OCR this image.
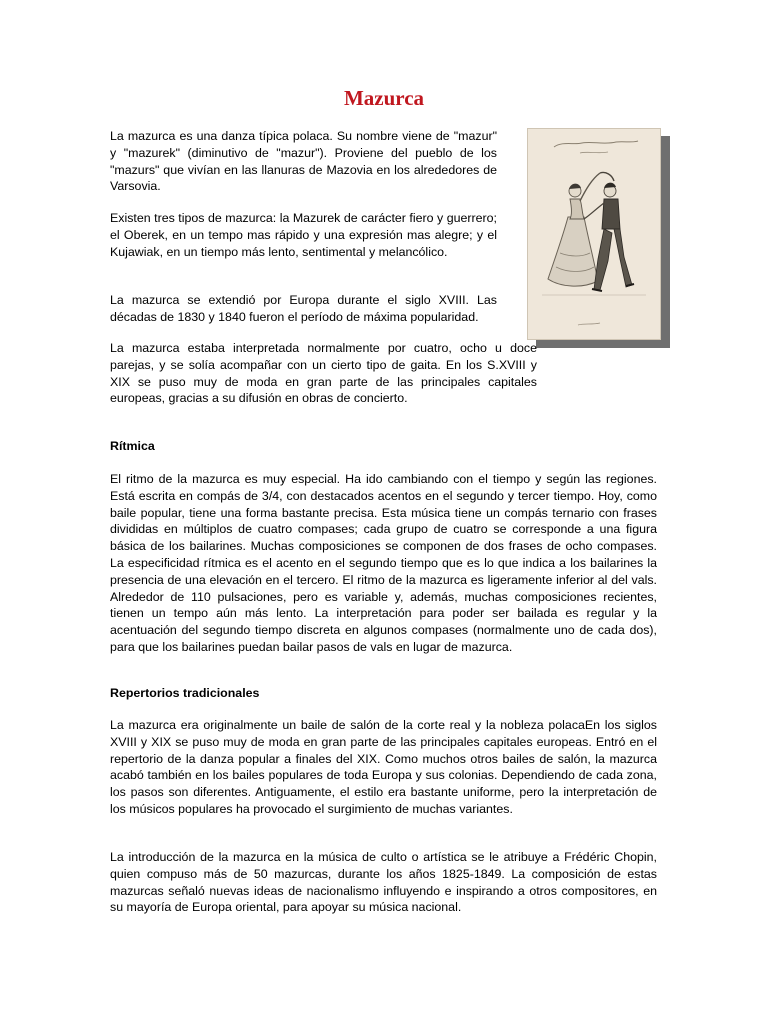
Mazurca

La mazurca es una danza típica polaca. Su nombre viene de "mazur" y "mazurek" (diminutivo de "mazur"). Proviene del pueblo de los "mazurs" que vivían en las llanuras de Mazovia en los alrededores de Varsovia.

Existen tres tipos de mazurca: la Mazurek de carácter fiero y guerrero; el Oberek, en un tempo mas rápido y una expresión mas alegre; y el Kujawiak, en un tiempo más lento, sentimental y melancólico.

La mazurca se extendió por Europa durante el siglo XVIII. Las décadas de 1830 y 1840 fueron el período de máxima popularidad.

La mazurca estaba interpretada normalmente por cuatro, ocho u doce parejas, y se solía acompañar con un cierto tipo de gaita. En los S.XVIII y XIX se puso muy de moda en gran parte de las principales capitales europeas, gracias a su difusión en obras de concierto.

Rítmica

El ritmo de la mazurca es muy especial. Ha ido cambiando con el tiempo y según las regiones. Está escrita en compás de 3/4, con destacados acentos en el segundo y tercer tiempo. Hoy, como baile popular, tiene una forma bastante precisa. Esta música tiene un compás ternario con frases divididas en múltiplos de cuatro compases; cada grupo de cuatro se corresponde a una figura básica de los bailarines. Muchas composiciones se componen de dos frases de ocho compases. La especificidad rítmica es el acento en el segundo tiempo que es lo que indica a los bailarines la presencia de una elevación en el tercero. El ritmo de la mazurca es ligeramente inferior al del vals. Alrededor de 110 pulsaciones, pero es variable y, además, muchas composiciones recientes, tienen un tempo aún más lento. La interpretación para poder ser bailada es regular y la acentuación del segundo tiempo discreta en algunos compases (normalmente uno de cada dos), para que los bailarines puedan bailar pasos de vals en lugar de mazurca.

Repertorios tradicionales

La mazurca era originalmente un baile de salón de la corte real y la nobleza polacaEn los siglos XVIII y XIX se puso muy de moda en gran parte de las principales capitales europeas. Entró en el repertorio de la danza popular a finales del XIX. Como muchos otros bailes de salón, la mazurca acabó también en los bailes populares de toda Europa y sus colonias. Dependiendo de cada zona, los pasos son diferentes. Antiguamente, el estilo era bastante uniforme, pero la interpretación de los músicos populares ha provocado el surgimiento de muchas variantes.

La introducción de la mazurca en la música de culto o artística se le atribuye a Frédéric Chopin, quien compuso más de 50 mazurcas, durante los años 1825-1849. La composición de estas mazurcas señaló nuevas ideas de nacionalismo influyendo e inspirando a otros compositores, en su mayoría de Europa oriental, para apoyar su música nacional.
